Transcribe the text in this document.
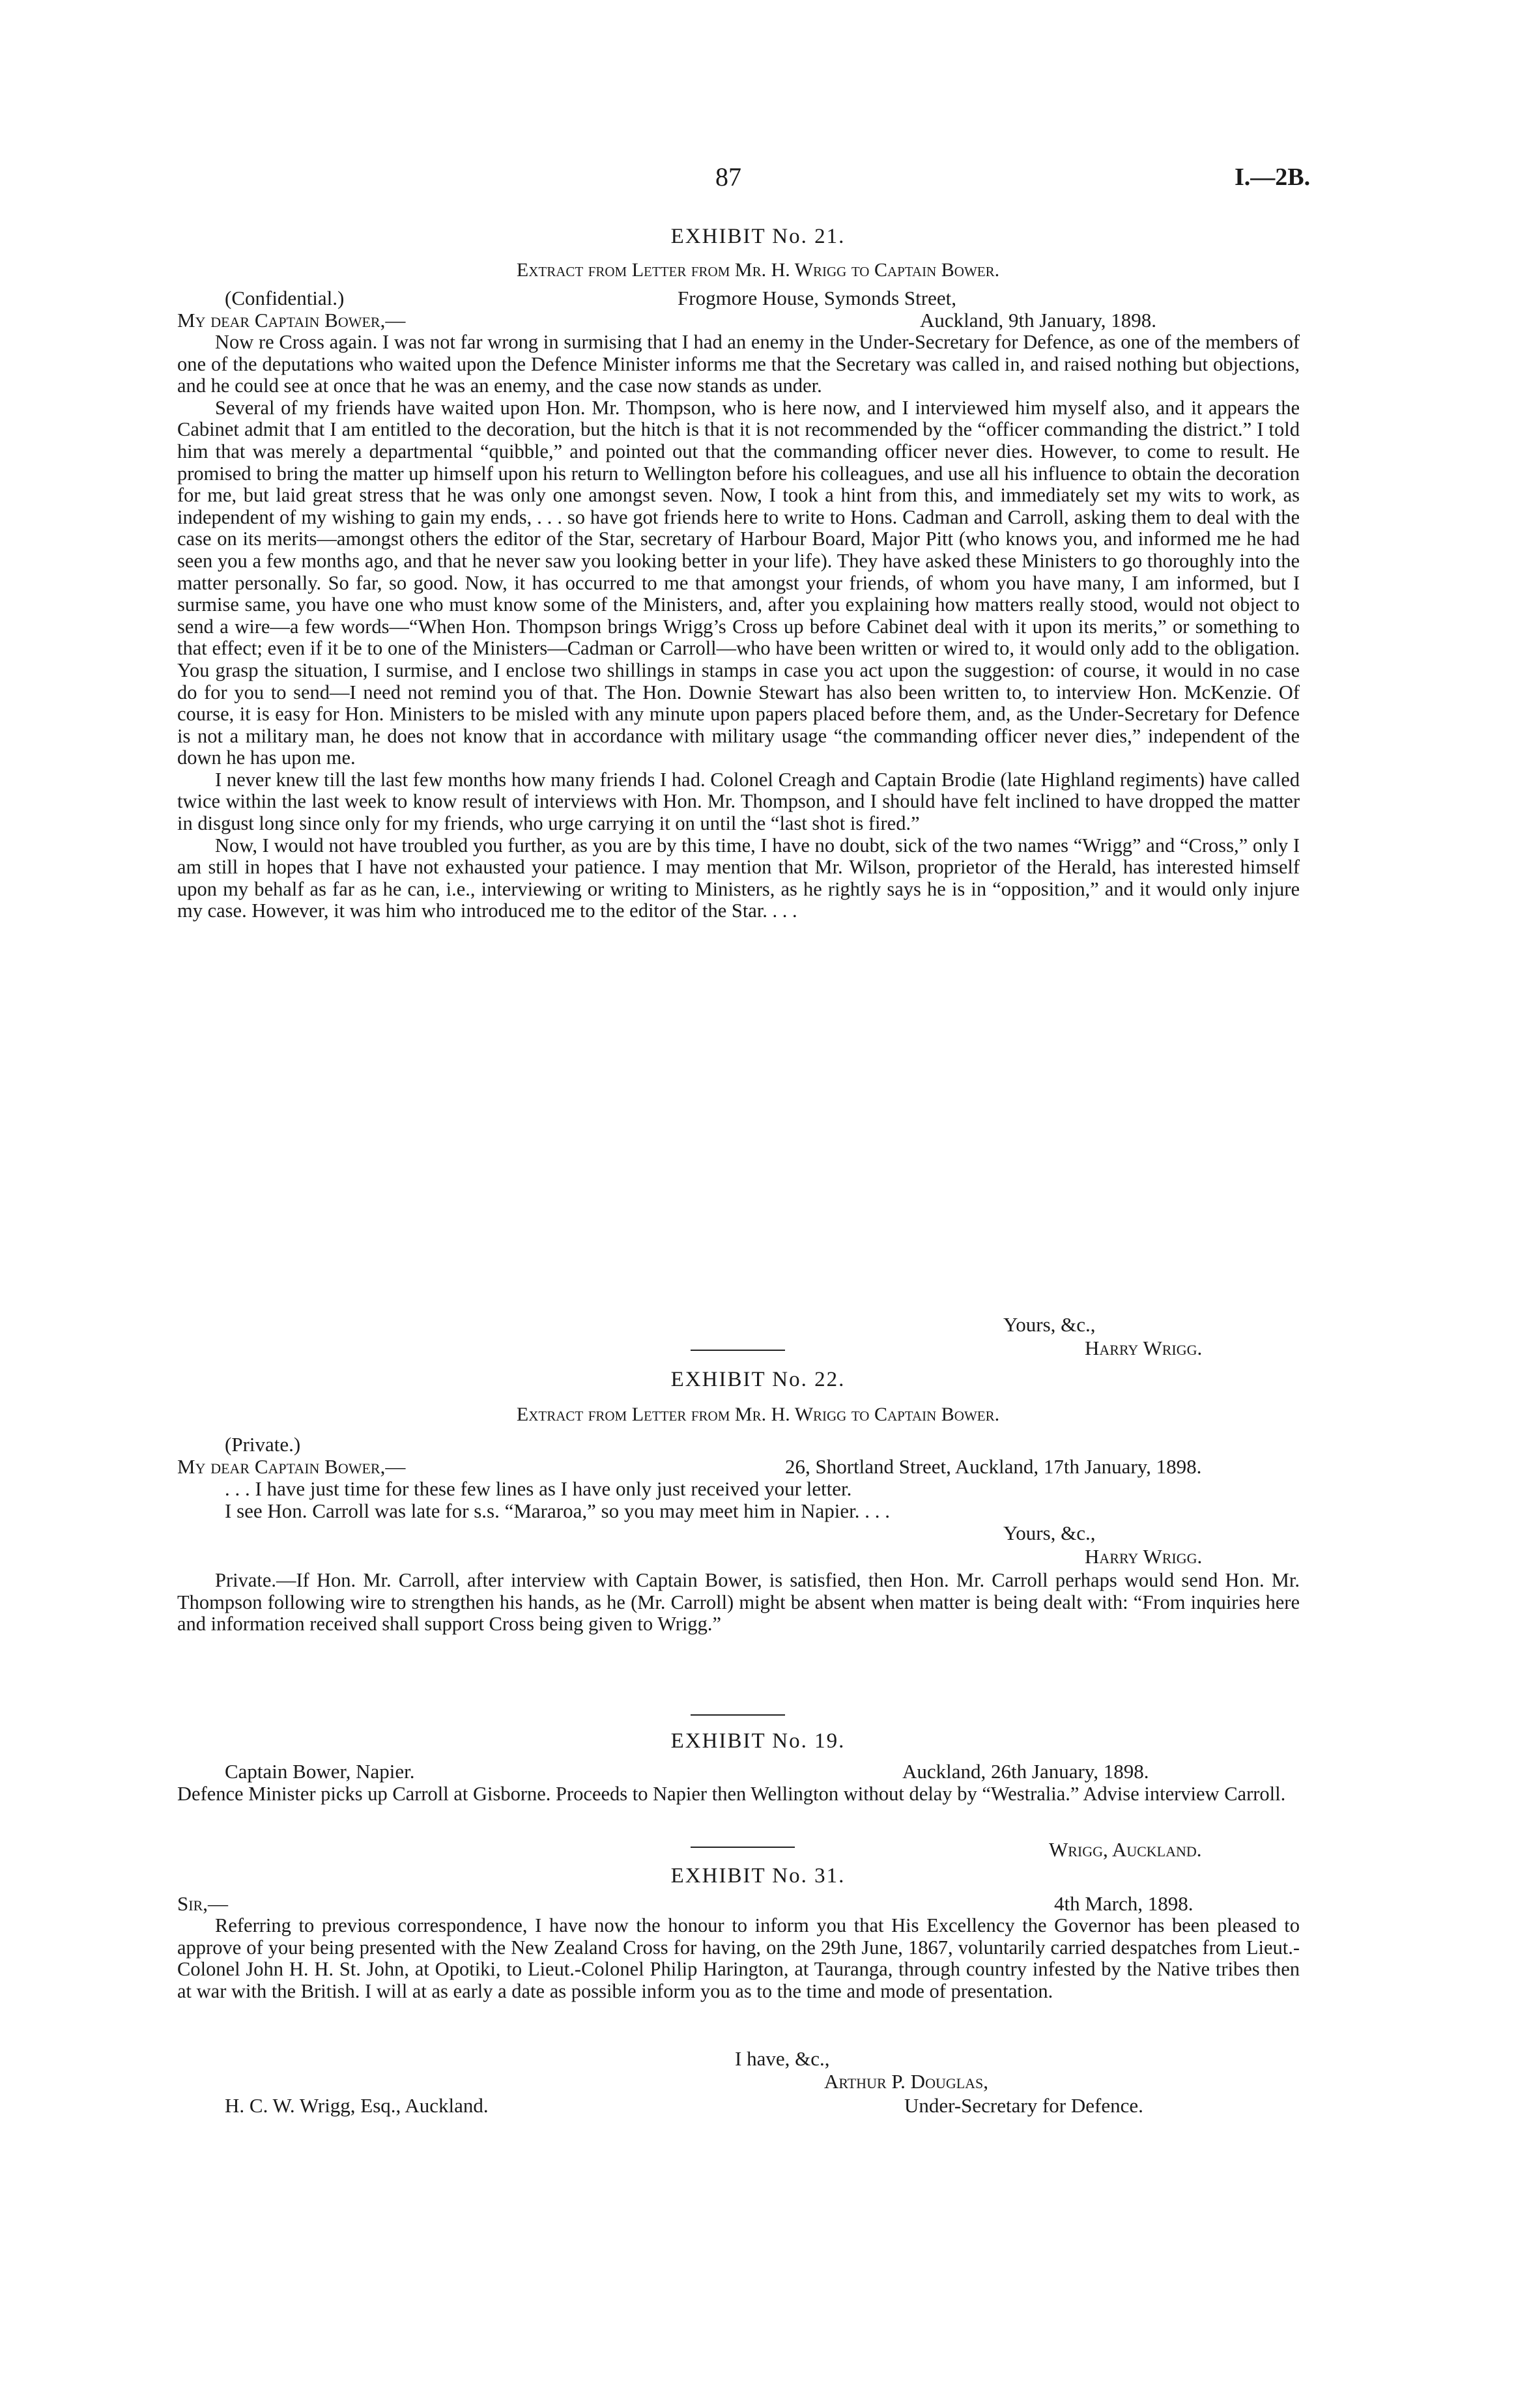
87	I.—2B.
EXHIBIT No. 21.
Extract from Letter from Mr. H. Wrigg to Captain Bower.
(Confidential.)	Frogmore House, Symonds Street,
My dear Captain Bower,—	Auckland, 9th January, 1898.

Now re Cross again. I was not far wrong in surmising that I had an enemy in the Under-Secretary for Defence, as one of the members of one of the deputations who waited upon the Defence Minister informs me that the Secretary was called in, and raised nothing but objections, and he could see at once that he was an enemy, and the case now stands as under.

Several of my friends have waited upon Hon. Mr. Thompson, who is here now, and I interviewed him myself also, and it appears the Cabinet admit that I am entitled to the decoration, but the hitch is that it is not recommended by the “officer commanding the district.” I told him that was merely a departmental “quibble,” and pointed out that the commanding officer never dies. However, to come to result. He promised to bring the matter up himself upon his return to Wellington before his colleagues, and use all his influence to obtain the decoration for me, but laid great stress that he was only one amongst seven. Now, I took a hint from this, and immediately set my wits to work, as independent of my wishing to gain my ends, . . . so have got friends here to write to Hons. Cadman and Carroll, asking them to deal with the case on its merits—amongst others the editor of the Star, secretary of Harbour Board, Major Pitt (who knows you, and informed me he had seen you a few months ago, and that he never saw you looking better in your life). They have asked these Ministers to go thoroughly into the matter personally. So far, so good. Now, it has occurred to me that amongst your friends, of whom you have many, I am informed, but I surmise same, you have one who must know some of the Ministers, and, after you explaining how matters really stood, would not object to send a wire—a few words—“When Hon. Thompson brings Wrigg’s Cross up before Cabinet deal with it upon its merits,” or something to that effect; even if it be to one of the Ministers—Cadman or Carroll—who have been written or wired to, it would only add to the obligation. You grasp the situation, I surmise, and I enclose two shillings in stamps in case you act upon the suggestion: of course, it would in no case do for you to send—I need not remind you of that. The Hon. Downie Stewart has also been written to, to interview Hon. McKenzie. Of course, it is easy for Hon. Ministers to be misled with any minute upon papers placed before them, and, as the Under-Secretary for Defence is not a military man, he does not know that in accordance with military usage “the commanding officer never dies,” independent of the down he has upon me.

I never knew till the last few months how many friends I had. Colonel Creagh and Captain Brodie (late Highland regiments) have called twice within the last week to know result of interviews with Hon. Mr. Thompson, and I should have felt inclined to have dropped the matter in disgust long since only for my friends, who urge carrying it on until the “last shot is fired.”

Now, I would not have troubled you further, as you are by this time, I have no doubt, sick of the two names “Wrigg” and “Cross,” only I am still in hopes that I have not exhausted your patience. I may mention that Mr. Wilson, proprietor of the Herald, has interested himself upon my behalf as far as he can, i.e., interviewing or writing to Ministers, as he rightly says he is in “opposition,” and it would only injure my case. However, it was him who introduced me to the editor of the Star. . . .

Yours, &c.,
Harry Wrigg.
EXHIBIT No. 22.
Extract from Letter from Mr. H. Wrigg to Captain Bower.
(Private.)
My dear Captain Bower,—	26, Shortland Street, Auckland, 17th January, 1898.
. . . I have just time for these few lines as I have only just received your letter.
I see Hon. Carroll was late for s.s. “Mararoa,” so you may meet him in Napier. . . .
Yours, &c.,
Harry Wrigg.

Private.—If Hon. Mr. Carroll, after interview with Captain Bower, is satisfied, then Hon. Mr. Carroll perhaps would send Hon. Mr. Thompson following wire to strengthen his hands, as he (Mr. Carroll) might be absent when matter is being dealt with: “From inquiries here and information received shall support Cross being given to Wrigg.”

EXHIBIT No. 19.
Captain Bower, Napier.	Auckland, 26th January, 1898.

Defence Minister picks up Carroll at Gisborne. Proceeds to Napier then Wellington without delay by “Westralia.” Advise interview Carroll.

Wrigg, Auckland.
EXHIBIT No. 31.
Sir,—	4th March, 1898.

Referring to previous correspondence, I have now the honour to inform you that His Excellency the Governor has been pleased to approve of your being presented with the New Zealand Cross for having, on the 29th June, 1867, voluntarily carried despatches from Lieut.-Colonel John H. H. St. John, at Opotiki, to Lieut.-Colonel Philip Harington, at Tauranga, through country infested by the Native tribes then at war with the British. I will at as early a date as possible inform you as to the time and mode of presentation.

I have, &c.,
Arthur P. Douglas,
H. C. W. Wrigg, Esq., Auckland.	Under-Secretary for Defence.
